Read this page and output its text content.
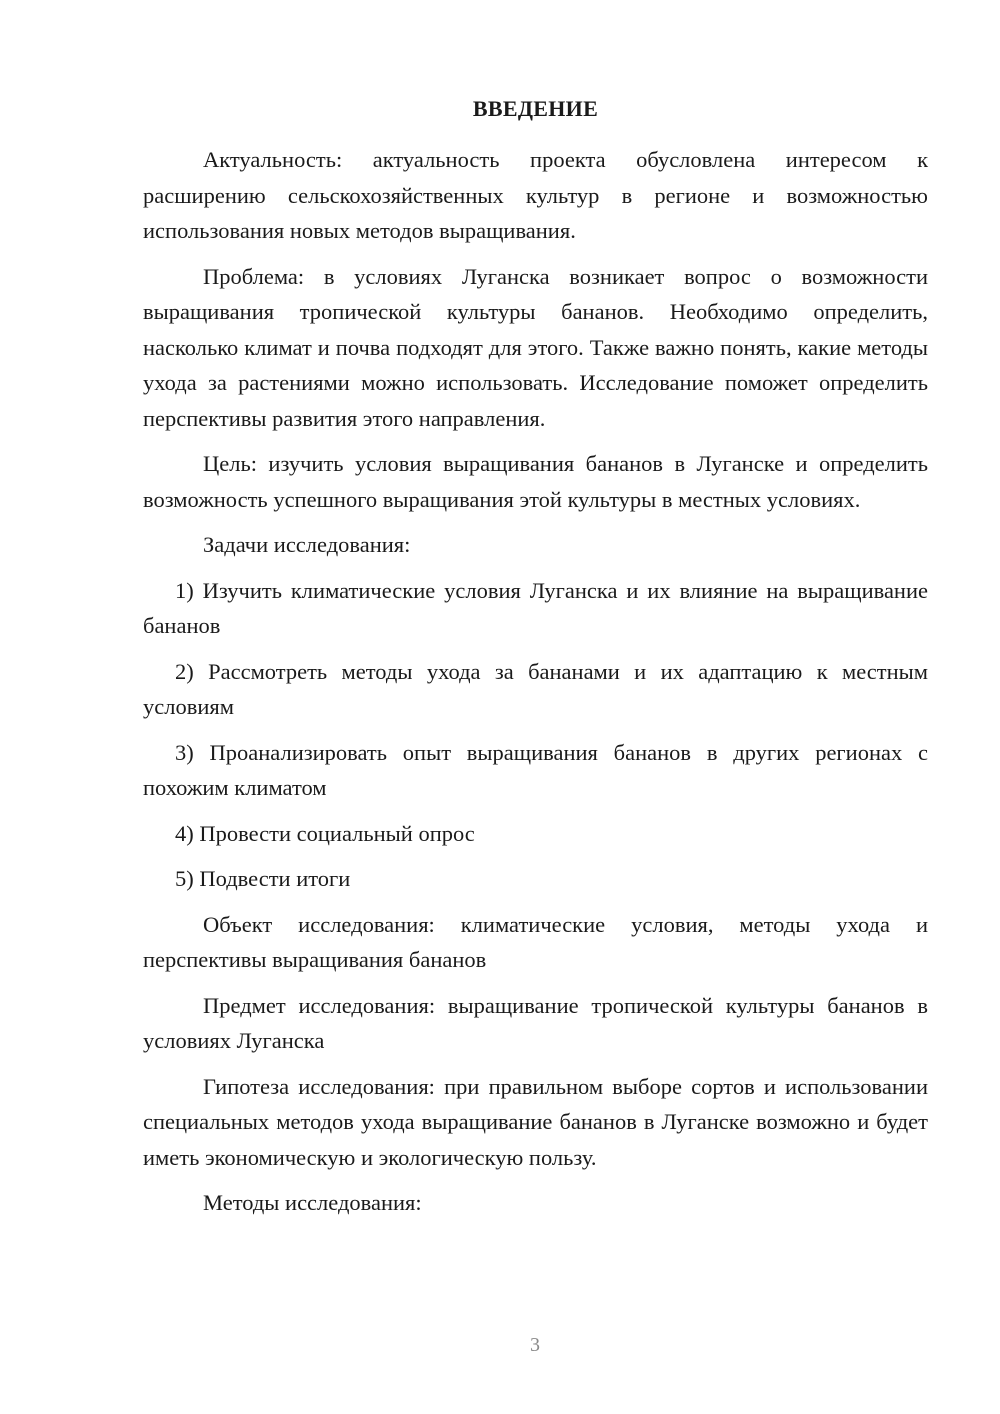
ВВЕДЕНИЕ

Актуальность: актуальность проекта обусловлена интересом к расширению сельскохозяйственных культур в регионе и возможностью использования новых методов выращивания.

Проблема: в условиях Луганска возникает вопрос о возможности выращивания тропической культуры бананов. Необходимо определить, насколько климат и почва подходят для этого. Также важно понять, какие методы ухода за растениями можно использовать. Исследование поможет определить перспективы развития этого направления.

Цель: изучить условия выращивания бананов в Луганске и определить возможность успешного выращивания этой культуры в местных условиях.

Задачи исследования:

1) Изучить климатические условия Луганска и их влияние на выращивание бананов

2) Рассмотреть методы ухода за бананами и их адаптацию к местным условиям

3) Проанализировать опыт выращивания бананов в других регионах с похожим климатом

4) Провести социальный опрос

5) Подвести итоги

Объект исследования: климатические условия, методы ухода и перспективы выращивания бананов

Предмет исследования: выращивание тропической культуры бананов в условиях Луганска

Гипотеза исследования: при правильном выборе сортов и использовании специальных методов ухода выращивание бананов в Луганске возможно и будет иметь экономическую и экологическую пользу.

Методы исследования:

3
